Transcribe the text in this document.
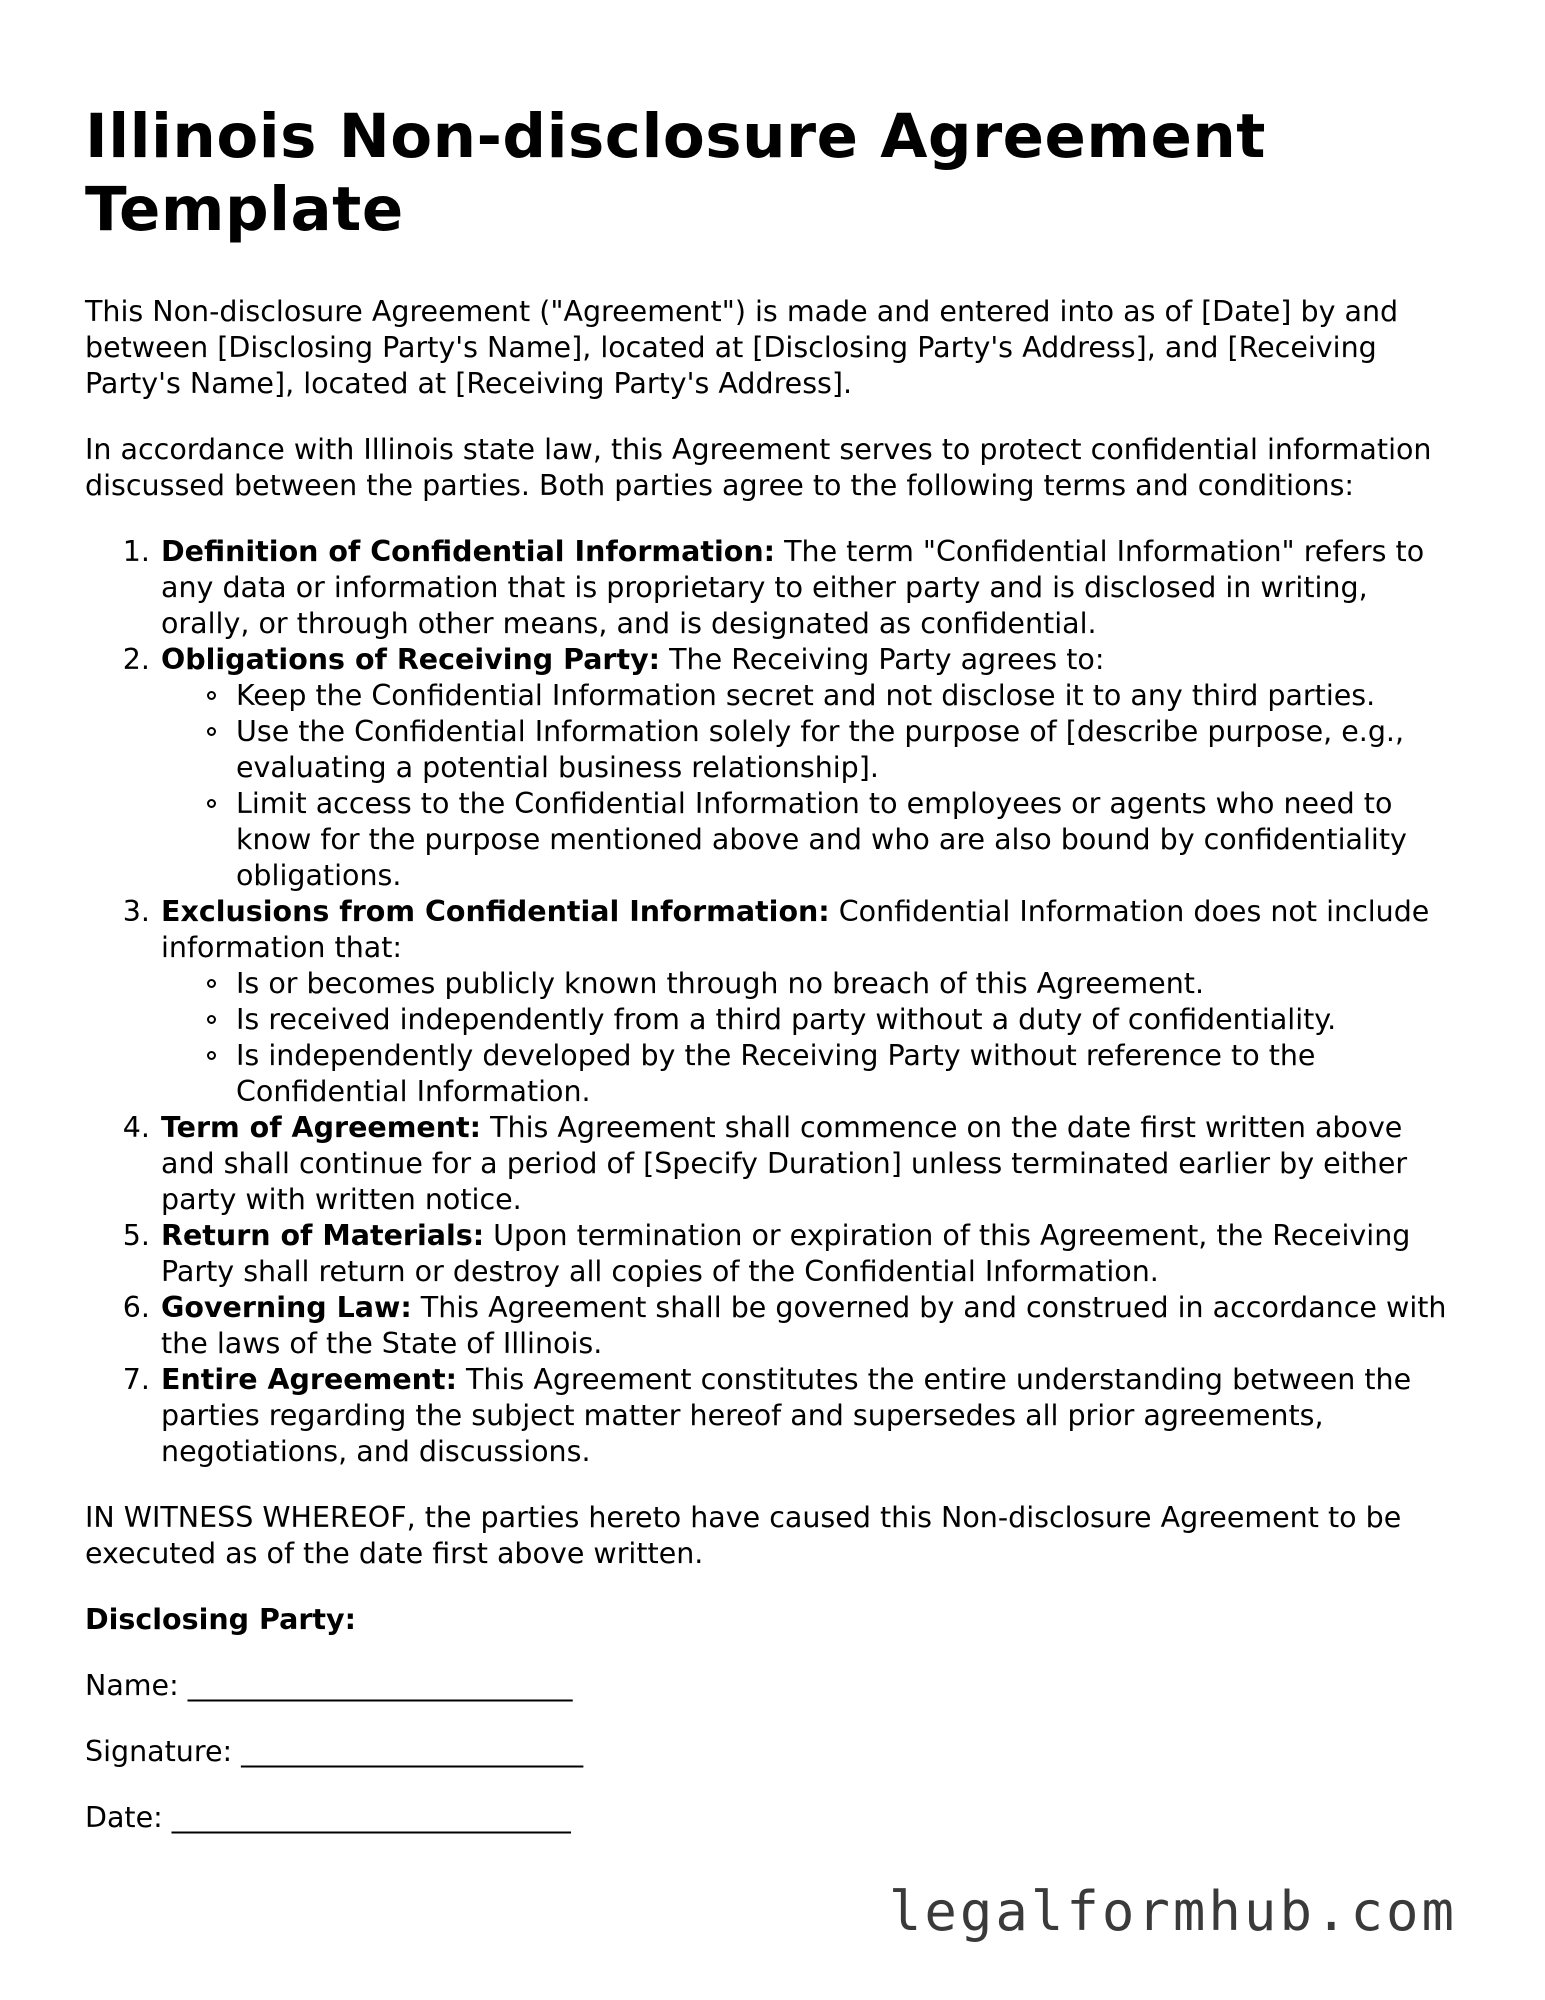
Illinois Non-disclosure Agreement Template

This Non-disclosure Agreement ("Agreement") is made and entered into as of [Date] by and between [Disclosing Party's Name], located at [Disclosing Party's Address], and [Receiving Party's Name], located at [Receiving Party's Address].

In accordance with Illinois state law, this Agreement serves to protect confidential information discussed between the parties. Both parties agree to the following terms and conditions:

1. Definition of Confidential Information: The term "Confidential Information" refers to any data or information that is proprietary to either party and is disclosed in writing, orally, or through other means, and is designated as confidential.
2. Obligations of Receiving Party: The Receiving Party agrees to:
Keep the Confidential Information secret and not disclose it to any third parties.
Use the Confidential Information solely for the purpose of [describe purpose, e.g., evaluating a potential business relationship].
Limit access to the Confidential Information to employees or agents who need to know for the purpose mentioned above and who are also bound by confidentiality obligations.
3. Exclusions from Confidential Information: Confidential Information does not include information that:
Is or becomes publicly known through no breach of this Agreement.
Is received independently from a third party without a duty of confidentiality.
Is independently developed by the Receiving Party without reference to the Confidential Information.
4. Term of Agreement: This Agreement shall commence on the date first written above and shall continue for a period of [Specify Duration] unless terminated earlier by either party with written notice.
5. Return of Materials: Upon termination or expiration of this Agreement, the Receiving Party shall return or destroy all copies of the Confidential Information.
6. Governing Law: This Agreement shall be governed by and construed in accordance with the laws of the State of Illinois.
7. Entire Agreement: This Agreement constitutes the entire understanding between the parties regarding the subject matter hereof and supersedes all prior agreements, negotiations, and discussions.

IN WITNESS WHEREOF, the parties hereto have caused this Non-disclosure Agreement to be executed as of the date first above written.

Disclosing Party:

Name: ___________________________

Signature: ________________________

Date: ____________________________

legalformhub.com
